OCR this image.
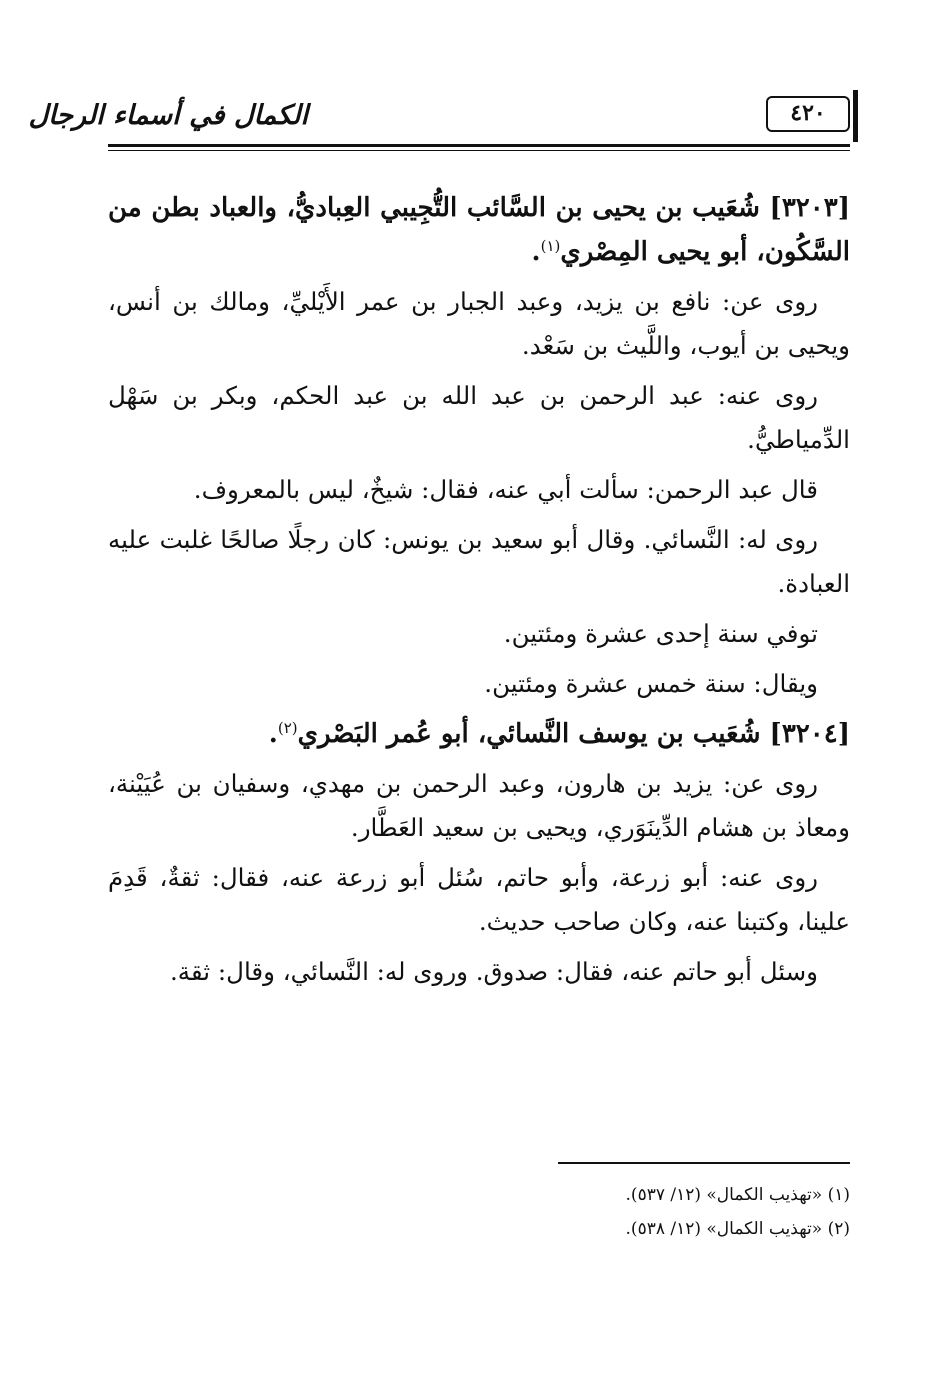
٤٢٠
الكمال في أسماء الرجال

[٣٢٠٣] شُعَيب بن يحيى بن السَّائب التُّجِيبي العِباديُّ، والعباد بطن من السَّكُون، أبو يحيى المِصْري$^{(١)}$.

روى عن: نافع بن يزيد، وعبد الجبار بن عمر الأَيْليِّ، ومالك بن أنس، ويحيى بن أيوب، واللَّيث بن سَعْد.

روى عنه: عبد الرحمن بن عبد الله بن عبد الحكم، وبكر بن سَهْل الدِّمياطيُّ.

قال عبد الرحمن: سألت أبي عنه، فقال: شيخٌ، ليس بالمعروف.

روى له: النَّسائي. وقال أبو سعيد بن يونس: كان رجلًا صالحًا غلبت عليه العبادة.

توفي سنة إحدى عشرة ومئتين.

ويقال: سنة خمس عشرة ومئتين.

[٣٢٠٤] شُعَيب بن يوسف النَّسائي، أبو عُمر البَصْري$^{(٢)}$.

روى عن: يزيد بن هارون، وعبد الرحمن بن مهدي، وسفيان بن عُيَيْنة، ومعاذ بن هشام الدِّينَوَري، ويحيى بن سعيد العَطَّار.

روى عنه: أبو زرعة، وأبو حاتم، سُئل أبو زرعة عنه، فقال: ثقةٌ، قَدِمَ علينا، وكتبنا عنه، وكان صاحب حديث.

وسئل أبو حاتم عنه، فقال: صدوق. وروى له: النَّسائي، وقال: ثقة.

(١) «تهذيب الكمال» (١٢/ ٥٣٧).
(٢) «تهذيب الكمال» (١٢/ ٥٣٨).
